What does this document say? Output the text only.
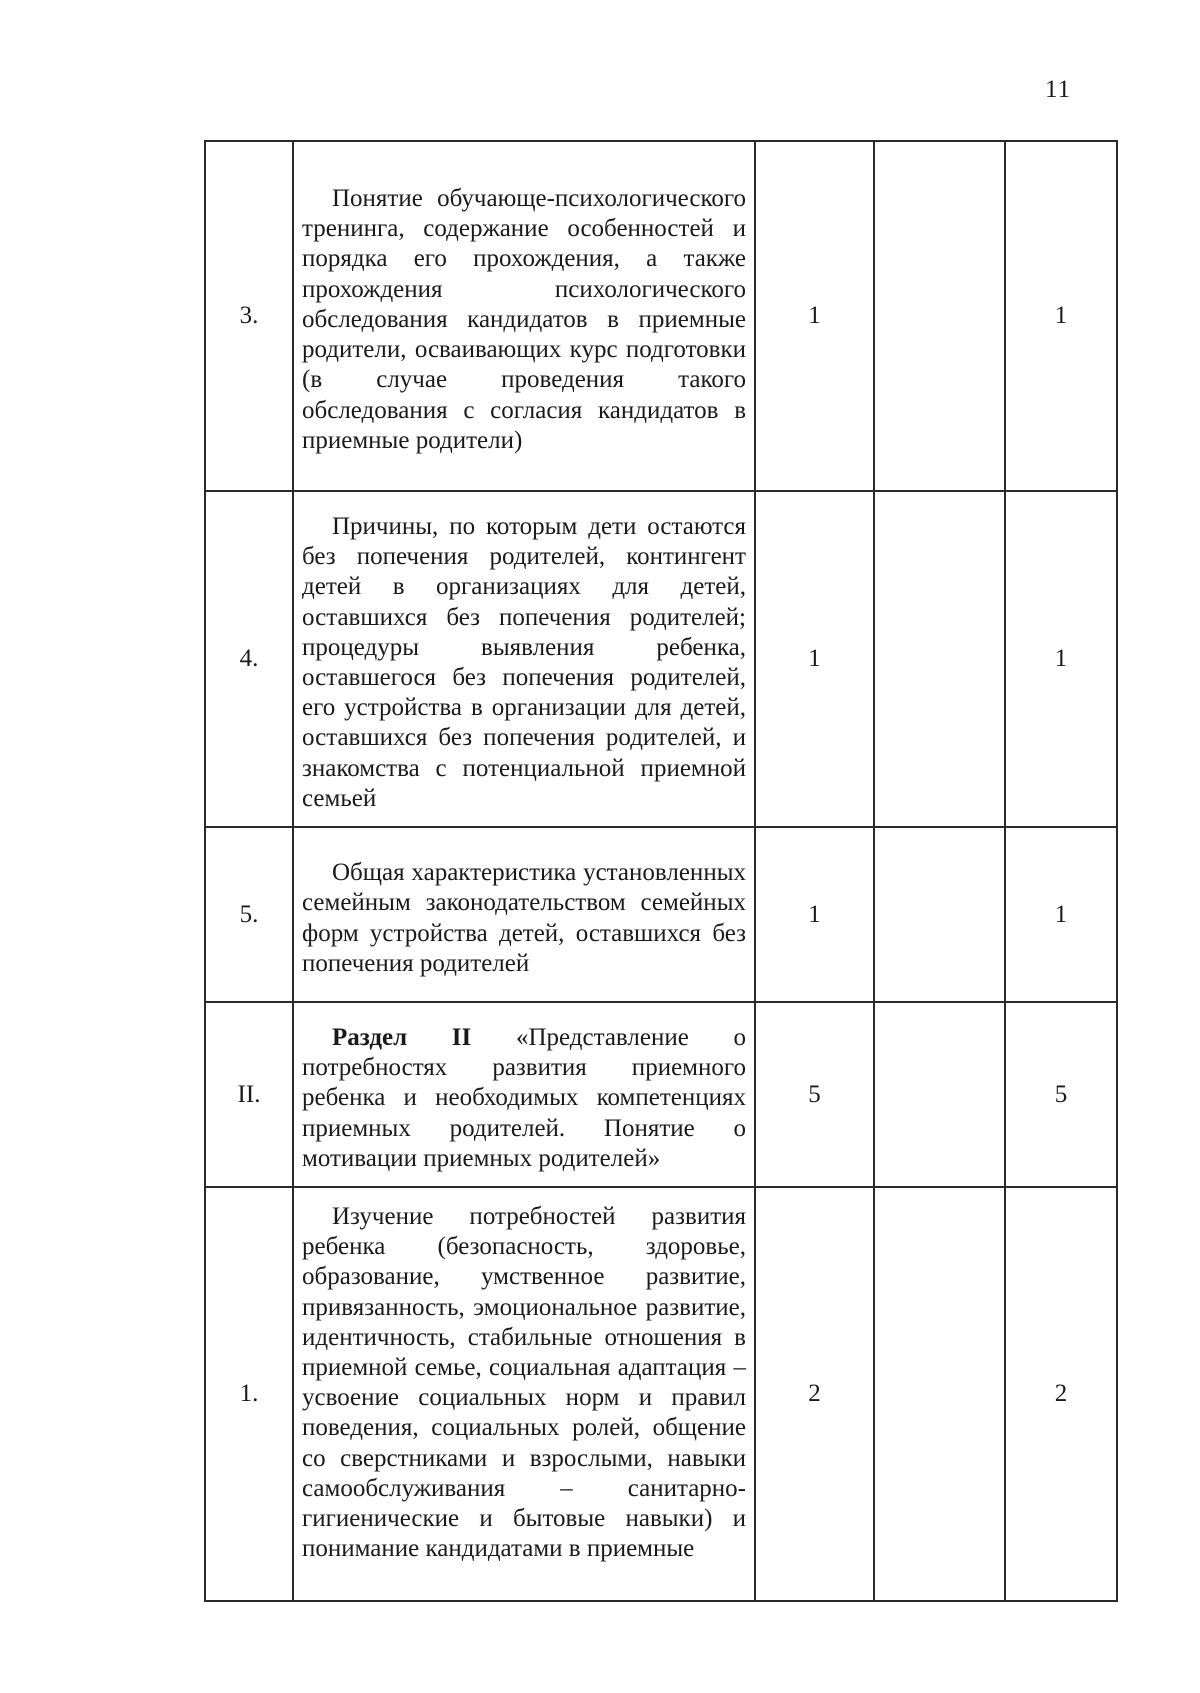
11
3.	Понятие обучающе-психологического тренинга, содержание особенностей и порядка его прохождения, а также прохождения психологического обследования кандидатов в приемные родители, осваивающих курс подготовки (в случае проведения такого обследования с согласия кандидатов в приемные родители)	1		1
4.	Причины, по которым дети остаются без попечения родителей, контингент детей в организациях для детей, оставшихся без попечения родителей; процедуры выявления ребенка, оставшегося без попечения родителей, его устройства в организации для детей, оставшихся без попечения родителей, и знакомства с потенциальной приемной семьей	1		1
5.	Общая характеристика установленных семейным законодательством семейных форм устройства детей, оставшихся без попечения родителей	1		1
II.	Раздел II «Представление о потребностях развития приемного ребенка и необходимых компетенциях приемных родителей. Понятие о мотивации приемных родителей»	5		5
1.	Изучение потребностей развития ребенка (безопасность, здоровье, образование, умственное развитие, привязанность, эмоциональное развитие, идентичность, стабильные отношения в приемной семье, социальная адаптация – усвоение социальных норм и правил поведения, социальных ролей, общение со сверстниками и взрослыми, навыки самообслуживания – санитарно-гигиенические и бытовые навыки) и понимание кандидатами в приемные	2		2
